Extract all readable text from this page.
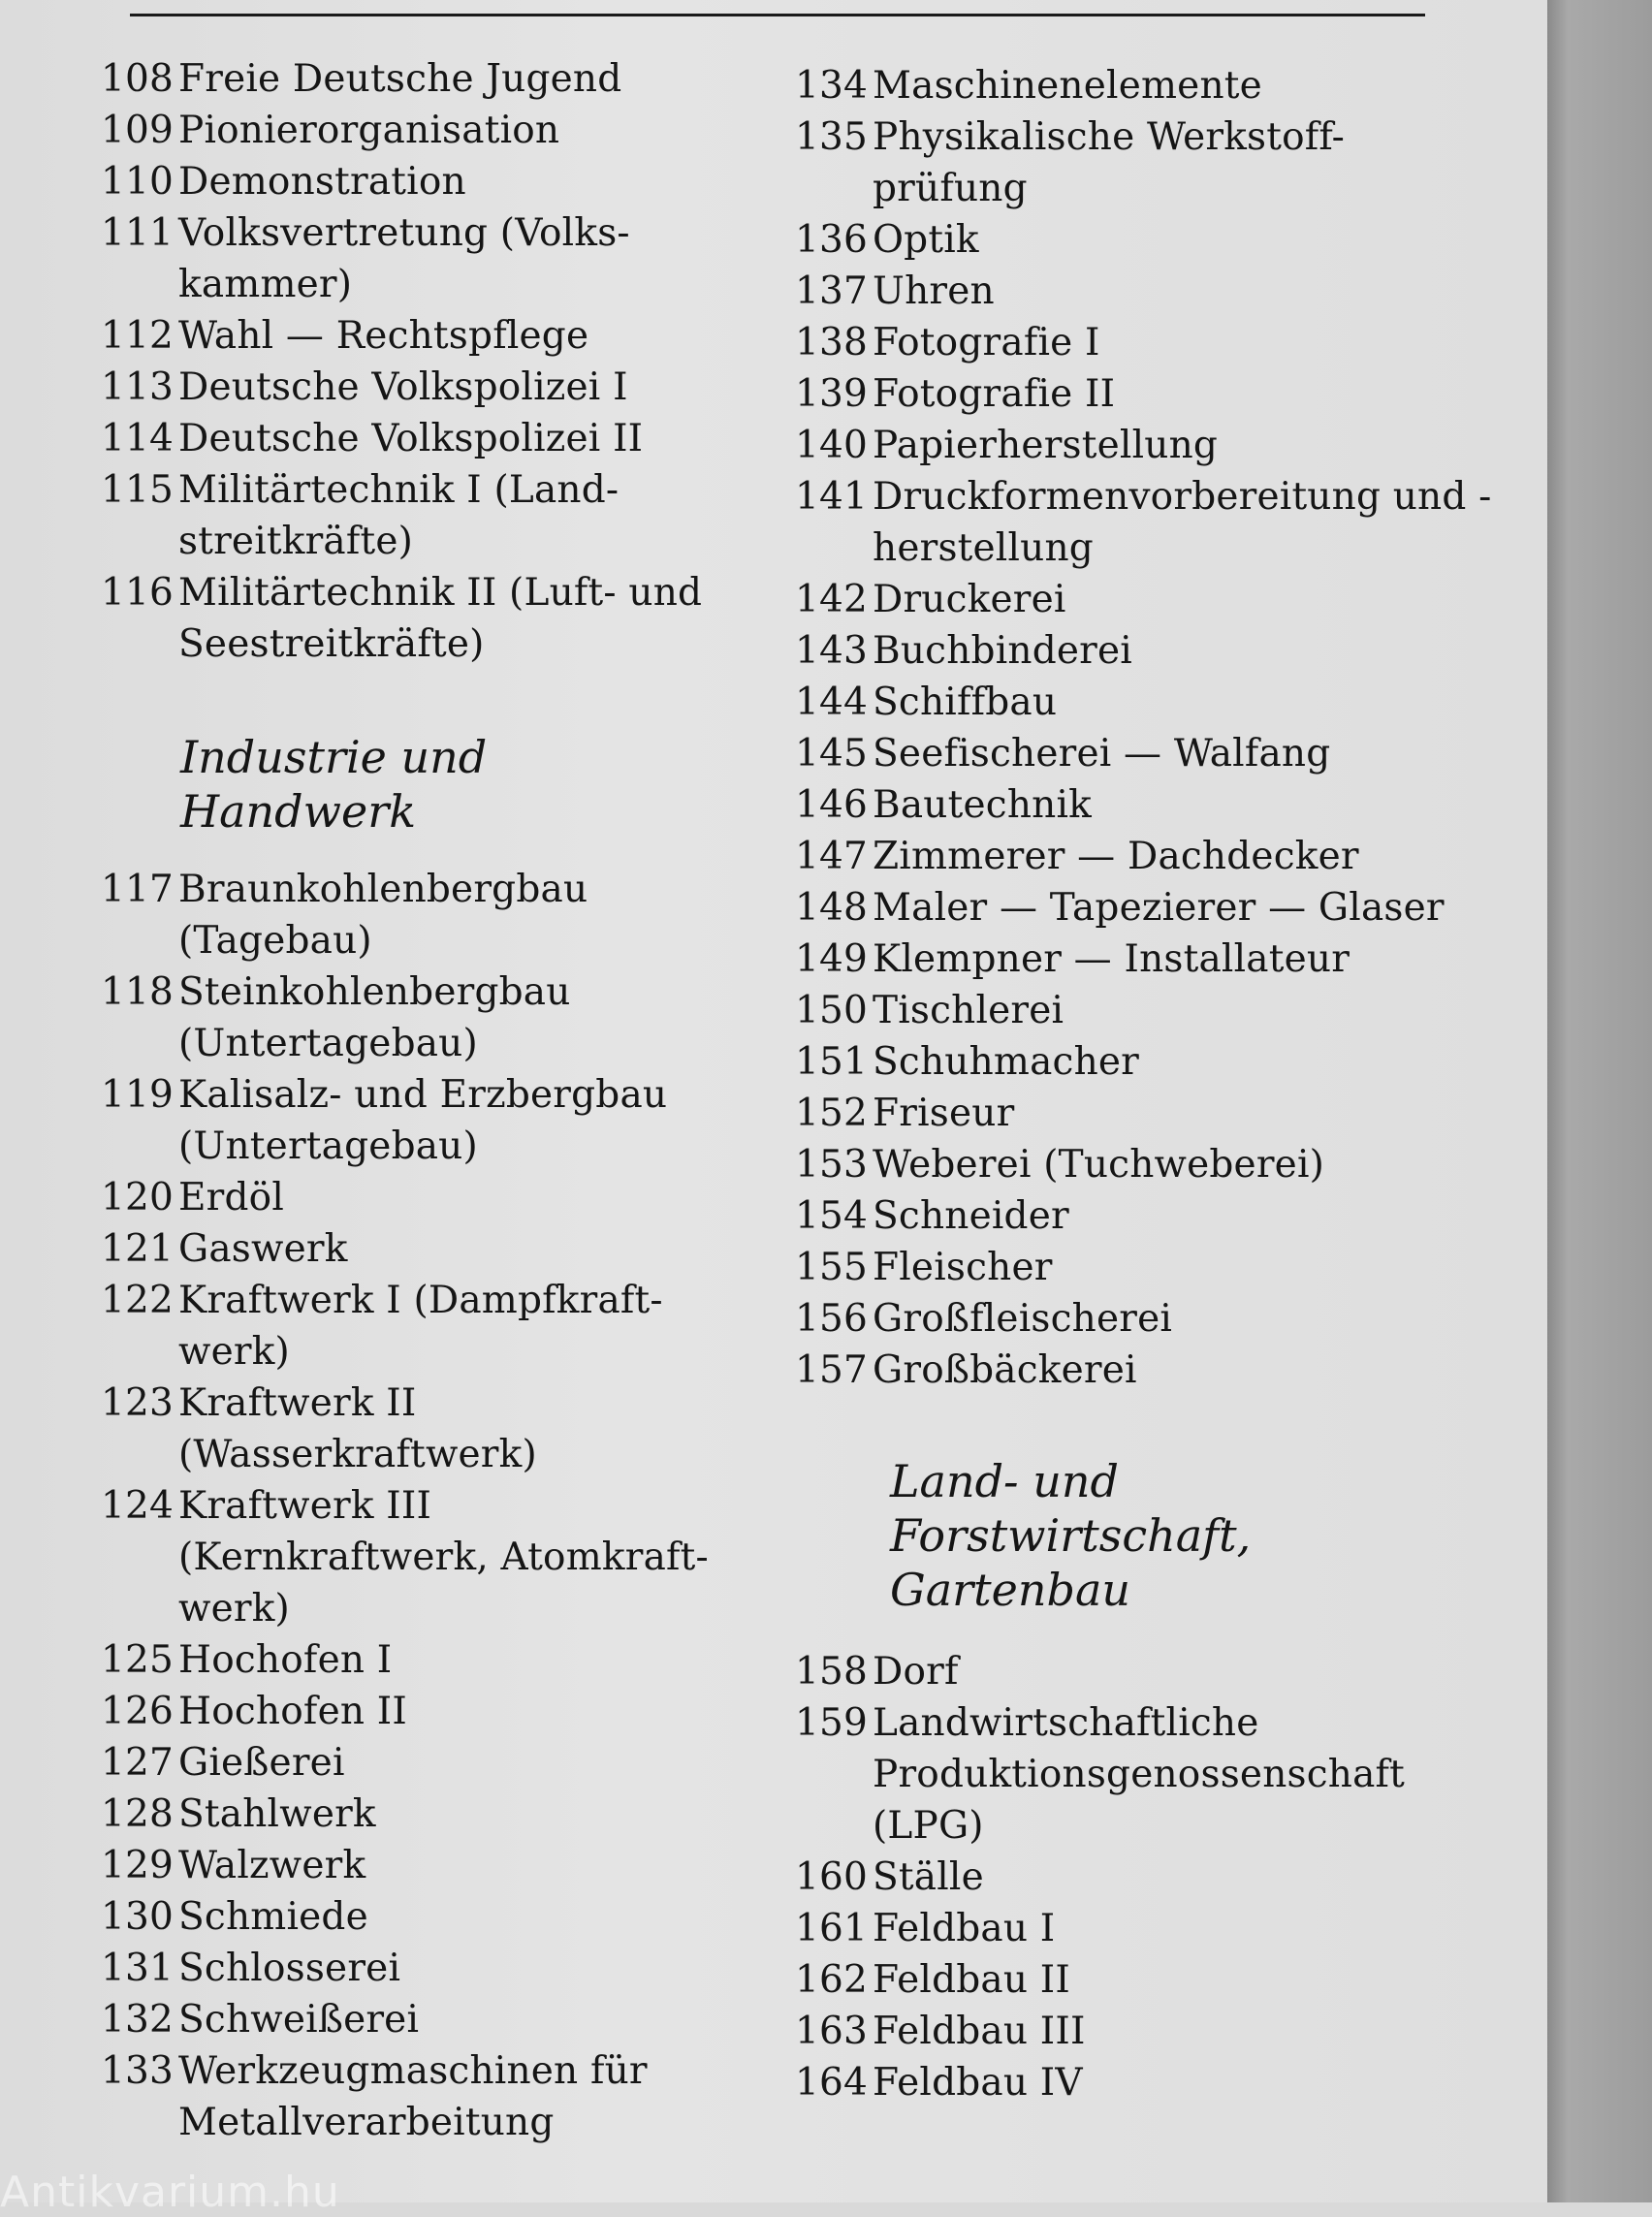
108 Freie Deutsche Jugend
109 Pionierorganisation
110 Demonstration
111 Volksvertretung (Volks-kammer)
112 Wahl — Rechtspflege
113 Deutsche Volkspolizei I
114 Deutsche Volkspolizei II
115 Militärtechnik I (Land-streitkräfte)
116 Militärtechnik II (Luft- und Seestreitkräfte)
Industrie und Handwerk
117 Braunkohlenbergbau (Tagebau)
118 Steinkohlenbergbau (Untertagebau)
119 Kalisalz- und Erzbergbau (Untertagebau)
120 Erdöl
121 Gaswerk
122 Kraftwerk I (Dampfkraft-werk)
123 Kraftwerk II (Wasserkraftwerk)
124 Kraftwerk III (Kernkraftwerk, Atomkraft-werk)
125 Hochofen I
126 Hochofen II
127 Gießerei
128 Stahlwerk
129 Walzwerk
130 Schmiede
131 Schlosserei
132 Schweißerei
133 Werkzeugmaschinen für Metallverarbeitung
134 Maschinenelemente
135 Physikalische Werkstoff-prüfung
136 Optik
137 Uhren
138 Fotografie I
139 Fotografie II
140 Papierherstellung
141 Druckformenvorbereitung und -herstellung
142 Druckerei
143 Buchbinderei
144 Schiffbau
145 Seefischerei — Walfang
146 Bautechnik
147 Zimmerer — Dachdecker
148 Maler — Tapezierer — Glaser
149 Klempner — Installateur
150 Tischlerei
151 Schuhmacher
152 Friseur
153 Weberei (Tuchweberei)
154 Schneider
155 Fleischer
156 Großfleischerei
157 Großbäckerei
Land- und Forstwirtschaft, Gartenbau
158 Dorf
159 Landwirtschaftliche Produktionsgenossenschaft (LPG)
160 Ställe
161 Feldbau I
162 Feldbau II
163 Feldbau III
164 Feldbau IV
Antikvarium.hu
